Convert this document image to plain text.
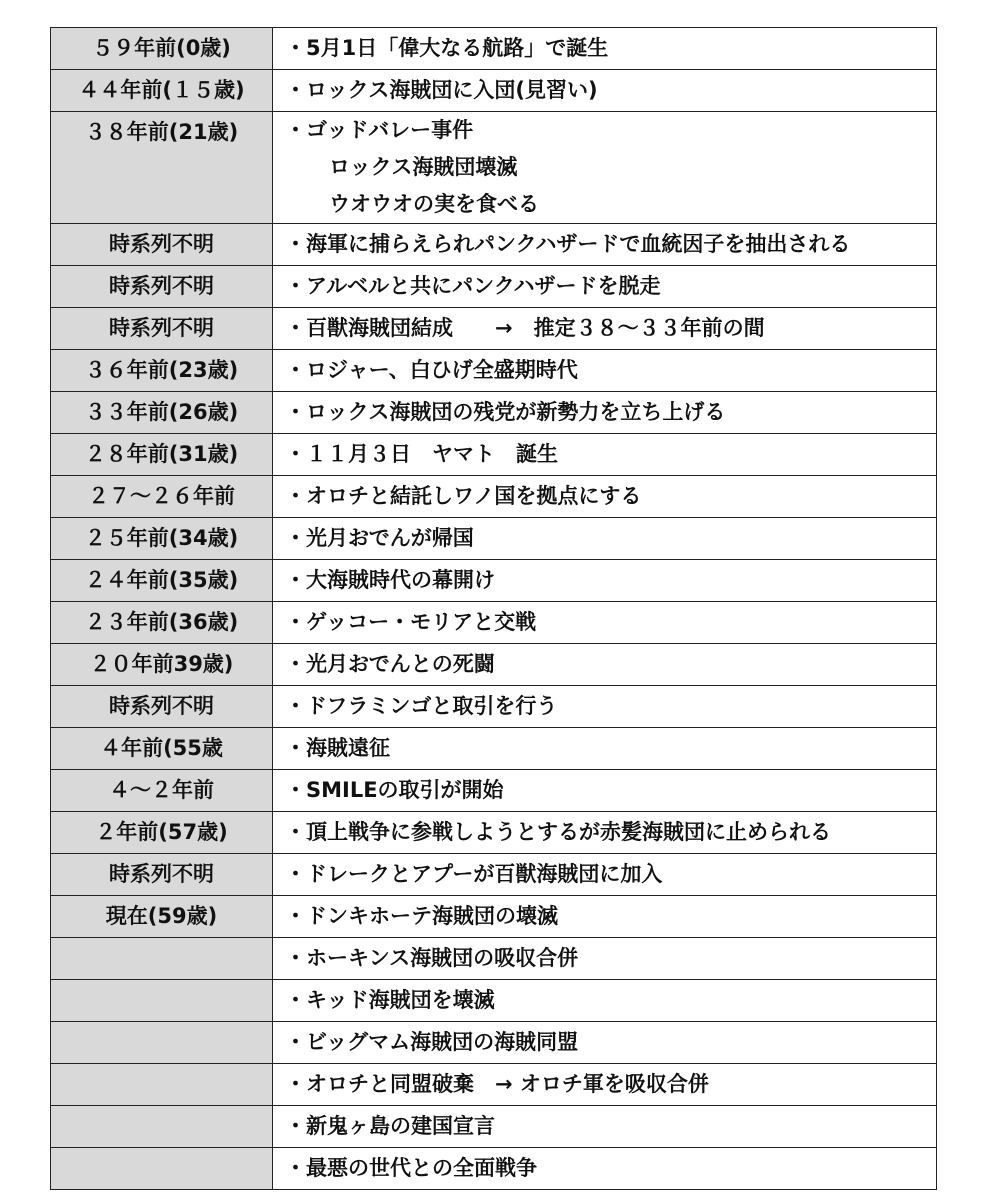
５９年前(0歳)	・5月1日「偉大なる航路」で誕生

４４年前(１５歳)	・ロックス海賊団に入団(見習い)

３８年前(21歳)	・ゴッドバレー事件
ロックス海賊団壊滅
ウオウオの実を食べる

時系列不明	・海軍に捕らえられパンクハザードで血統因子を抽出される

時系列不明	・アルベルと共にパンクハザードを脱走

時系列不明	・百獣海賊団結成　　→　推定３８〜３３年前の間

３６年前(23歳)	・ロジャー、白ひげ全盛期時代

３３年前(26歳)	・ロックス海賊団の残党が新勢力を立ち上げる

２８年前(31歳)	・１１月３日　ヤマト　誕生

２７〜２６年前	・オロチと結託しワノ国を拠点にする

２５年前(34歳)	・光月おでんが帰国

２４年前(35歳)	・大海賊時代の幕開け

２３年前(36歳)	・ゲッコー・モリアと交戦

２０年前39歳)	・光月おでんとの死闘

時系列不明	・ドフラミンゴと取引を行う

４年前(55歳	・海賊遠征

４〜２年前	・SMILEの取引が開始

２年前(57歳)	・頂上戦争に参戦しようとするが赤髪海賊団に止められる

時系列不明	・ドレークとアプーが百獣海賊団に加入

現在(59歳)	・ドンキホーテ海賊団の壊滅

	・ホーキンス海賊団の吸収合併

	・キッド海賊団を壊滅

	・ビッグマム海賊団の海賊同盟

	・オロチと同盟破棄　→ オロチ軍を吸収合併

	・新鬼ヶ島の建国宣言

	・最悪の世代との全面戦争
